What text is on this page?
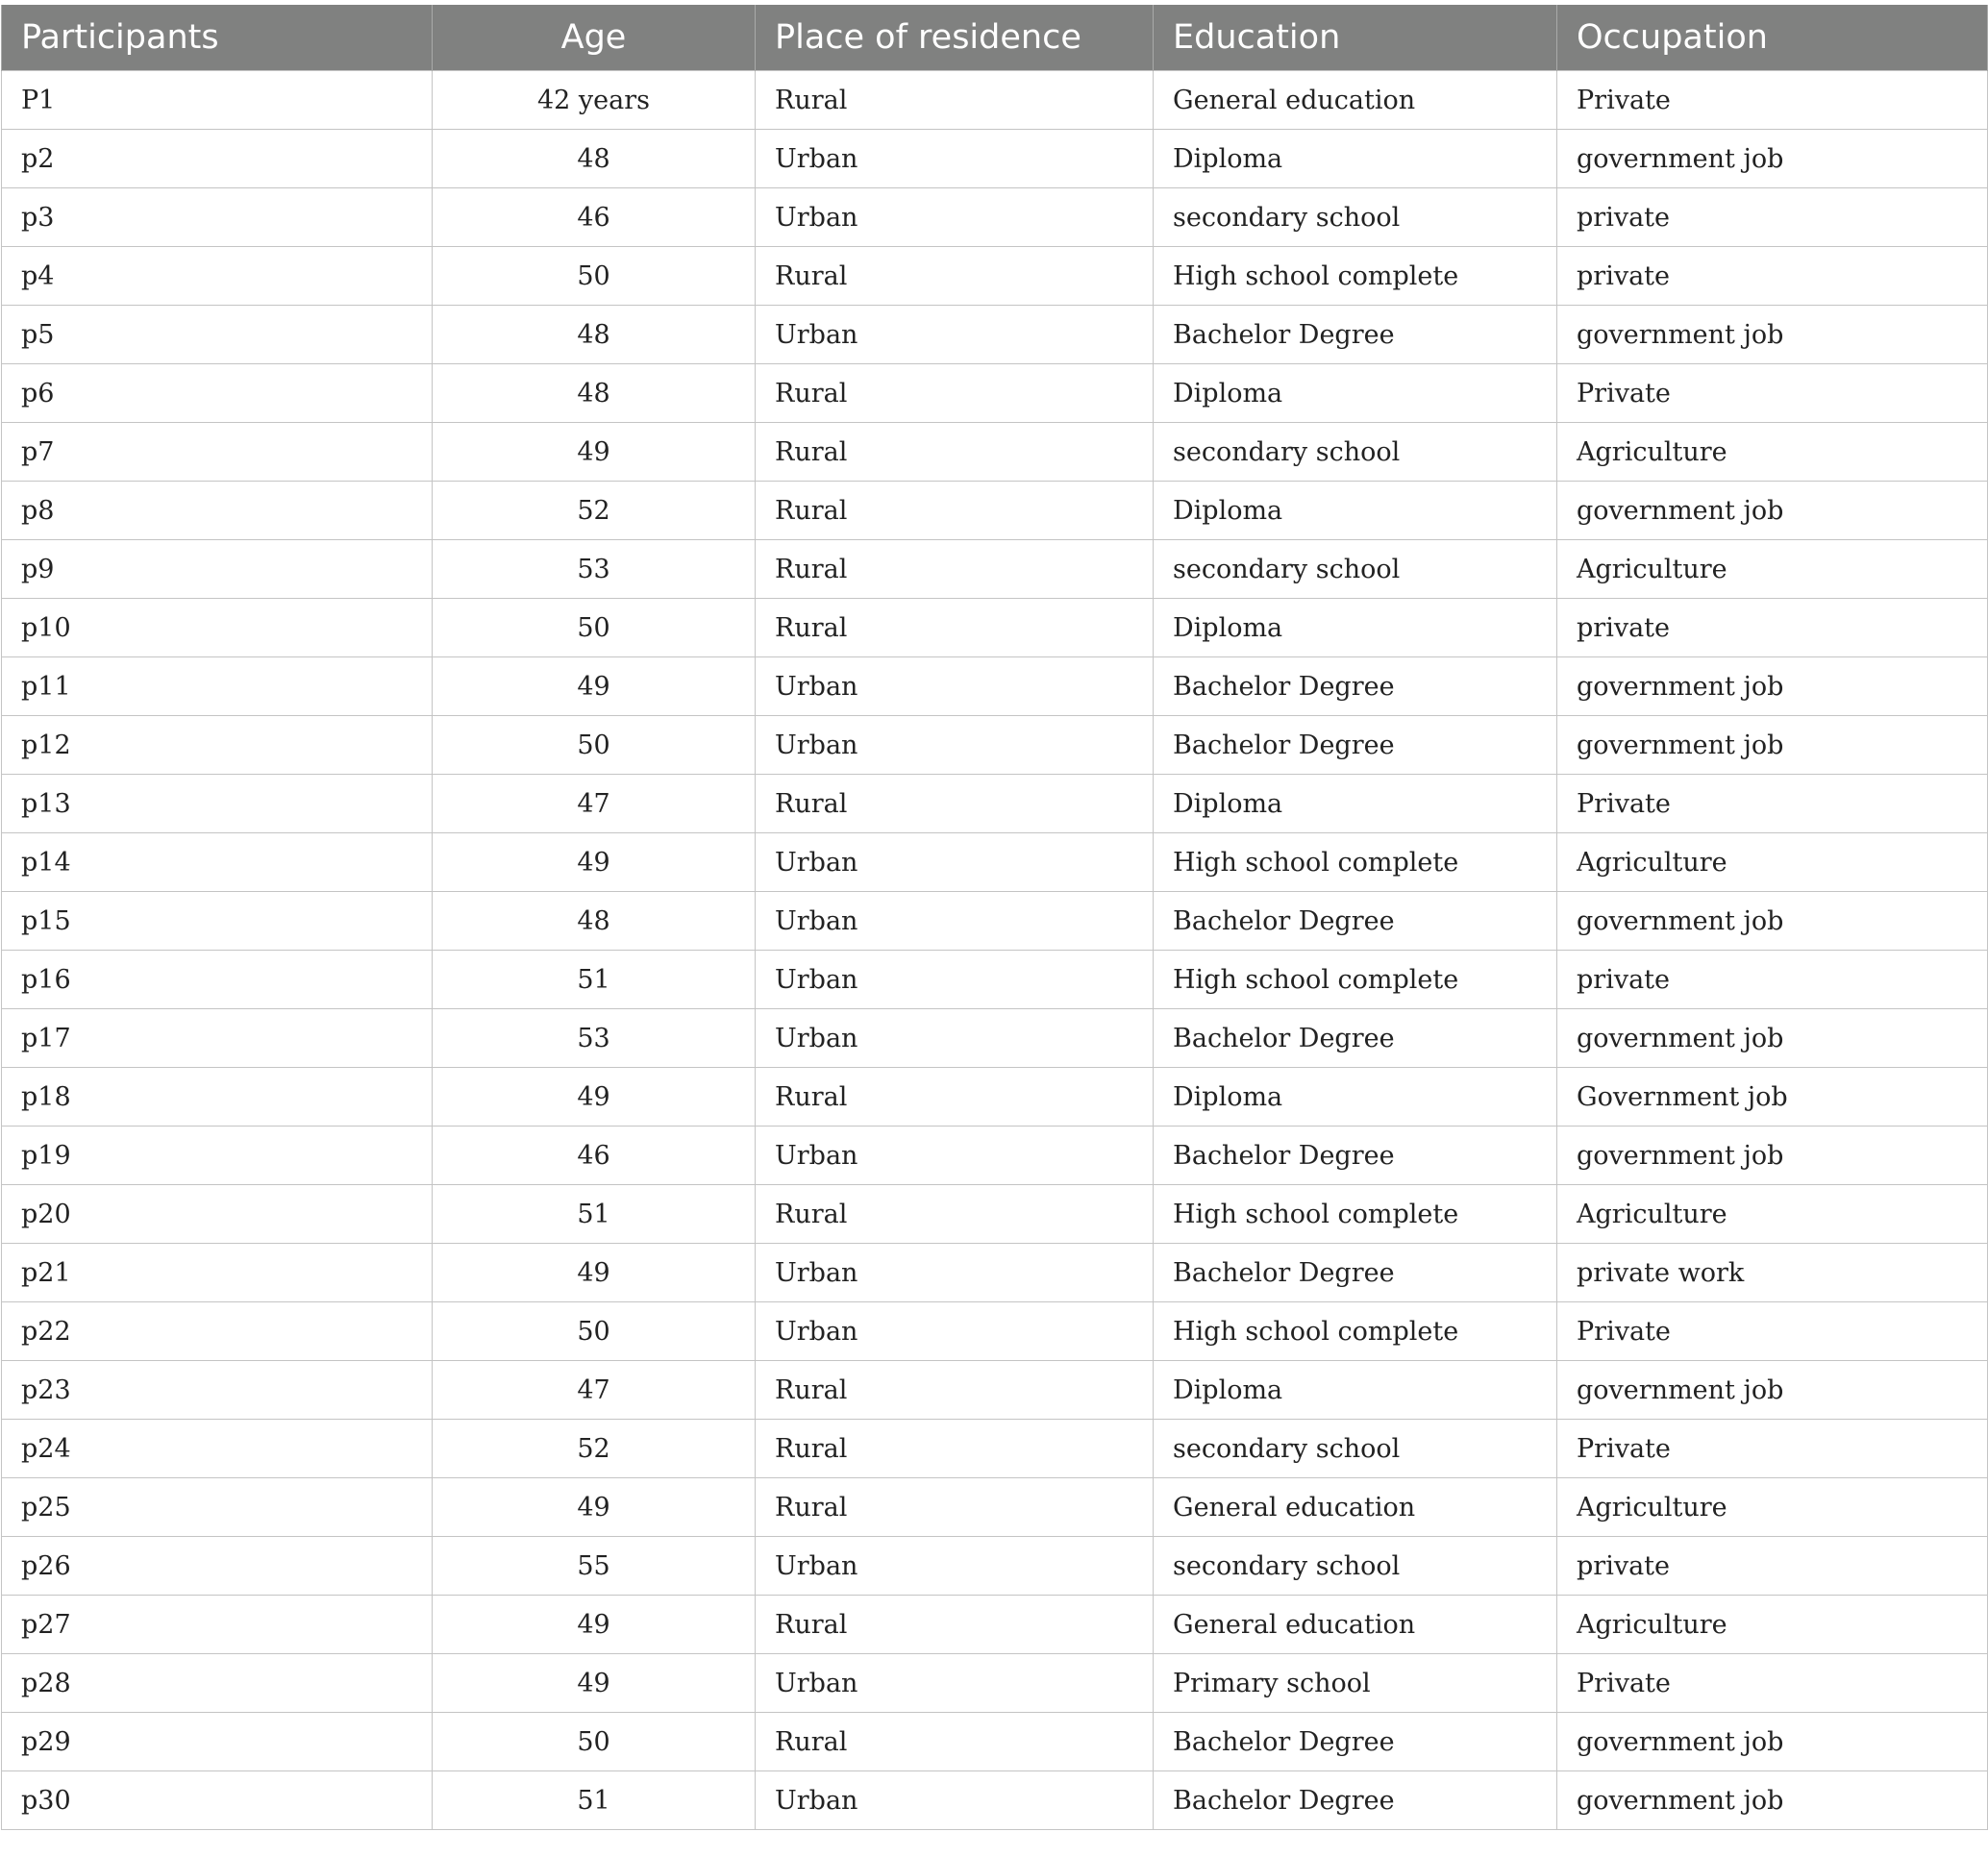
Participants	Age	Place of residence	Education	Occupation
P1	42 years	Rural	General education	Private
p2	48	Urban	Diploma	government job
p3	46	Urban	secondary school	private
p4	50	Rural	High school complete	private
p5	48	Urban	Bachelor Degree	government job
p6	48	Rural	Diploma	Private
p7	49	Rural	secondary school	Agriculture
p8	52	Rural	Diploma	government job
p9	53	Rural	secondary school	Agriculture
p10	50	Rural	Diploma	private
p11	49	Urban	Bachelor Degree	government job
p12	50	Urban	Bachelor Degree	government job
p13	47	Rural	Diploma	Private
p14	49	Urban	High school complete	Agriculture
p15	48	Urban	Bachelor Degree	government job
p16	51	Urban	High school complete	private
p17	53	Urban	Bachelor Degree	government job
p18	49	Rural	Diploma	Government job
p19	46	Urban	Bachelor Degree	government job
p20	51	Rural	High school complete	Agriculture
p21	49	Urban	Bachelor Degree	private work
p22	50	Urban	High school complete	Private
p23	47	Rural	Diploma	government job
p24	52	Rural	secondary school	Private
p25	49	Rural	General education	Agriculture
p26	55	Urban	secondary school	private
p27	49	Rural	General education	Agriculture
p28	49	Urban	Primary school	Private
p29	50	Rural	Bachelor Degree	government job
p30	51	Urban	Bachelor Degree	government job
